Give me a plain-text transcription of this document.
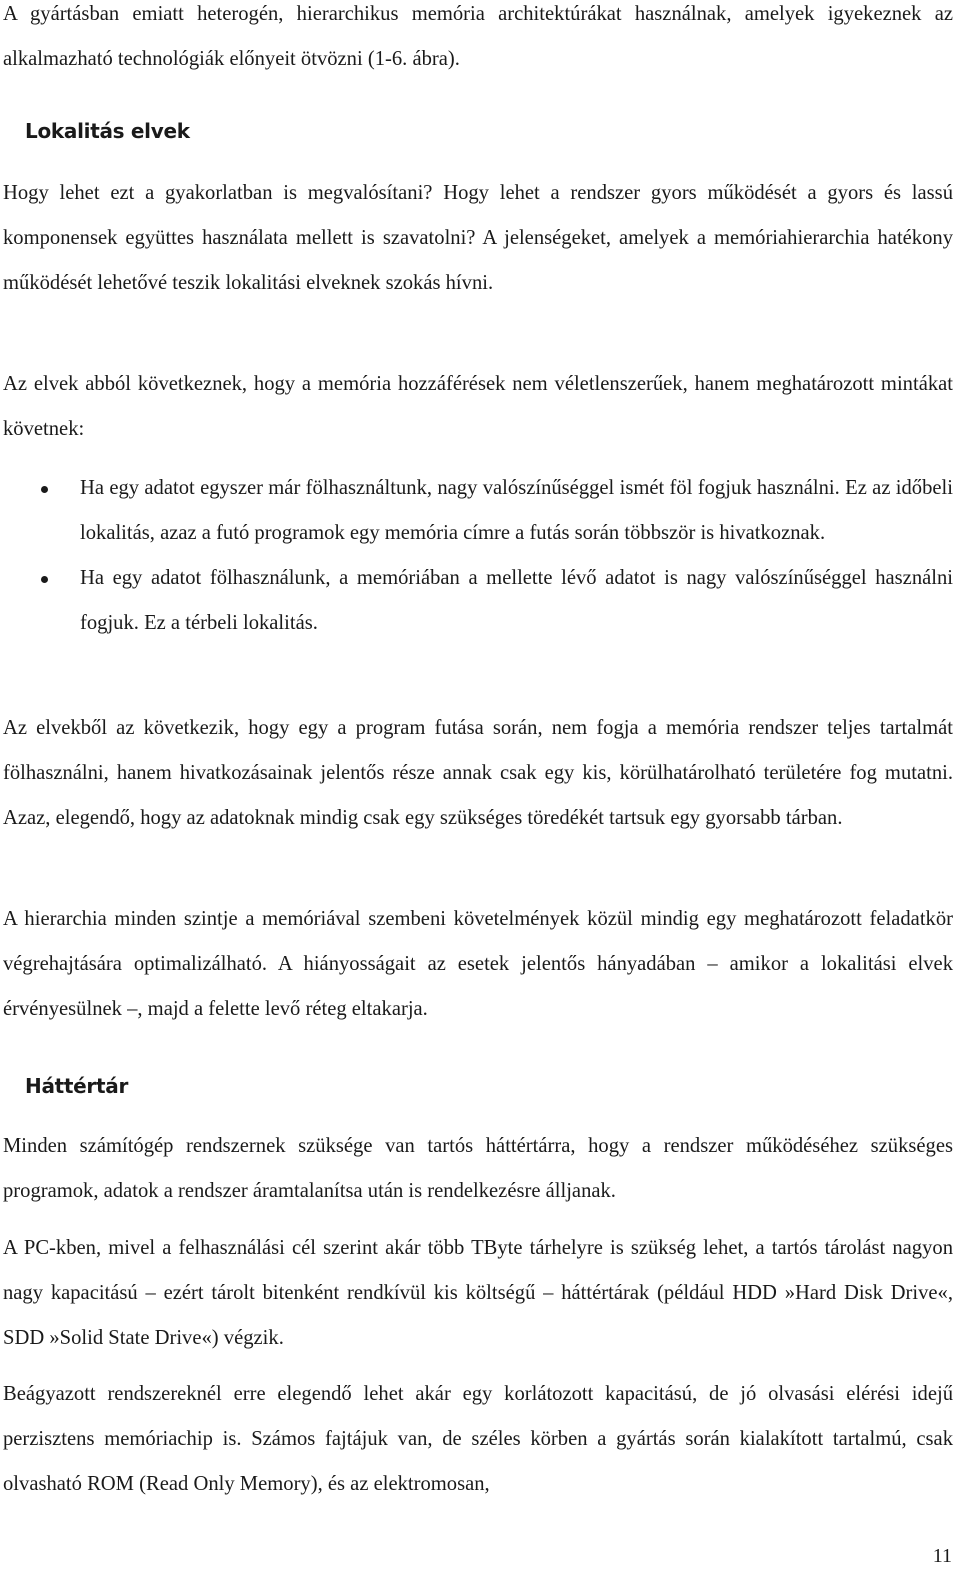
A gyártásban emiatt heterogén, hierarchikus memória architektúrákat használnak, amelyek igyekeznek az alkalmazható technológiák előnyeit ötvözni (1-6. ábra).

Lokalitás elvek

Hogy lehet ezt a gyakorlatban is megvalósítani? Hogy lehet a rendszer gyors működését a gyors és lassú komponensek együttes használata mellett is szavatolni? A jelenségeket, amelyek a memóriahierarchia hatékony működését lehetővé teszik lokalitási elveknek szokás hívni.

Az elvek abból következnek, hogy a memória hozzáférések nem véletlenszerűek, hanem meghatározott mintákat követnek:

Ha egy adatot egyszer már fölhasználtunk, nagy valószínűséggel ismét föl fogjuk használni. Ez az időbeli lokalitás, azaz a futó programok egy memória címre a futás során többször is hivatkoznak.
Ha egy adatot fölhasználunk, a memóriában a mellette lévő adatot is nagy valószínűséggel használni fogjuk. Ez a térbeli lokalitás.

Az elvekből az következik, hogy egy a program futása során, nem fogja a memória rendszer teljes tartalmát fölhasználni, hanem hivatkozásainak jelentős része annak csak egy kis, körülhatárolható területére fog mutatni. Azaz, elegendő, hogy az adatoknak mindig csak egy szükséges töredékét tartsuk egy gyorsabb tárban.

A hierarchia minden szintje a memóriával szembeni követelmények közül mindig egy meghatározott feladatkör végrehajtására optimalizálható. A hiányosságait az esetek jelentős hányadában – amikor a lokalitási elvek érvényesülnek –, majd a felette levő réteg eltakarja.

Háttértár

Minden számítógép rendszernek szüksége van tartós háttértárra, hogy a rendszer működéséhez szükséges programok, adatok a rendszer áramtalanítsa után is rendelkezésre álljanak.

A PC-kben, mivel a felhasználási cél szerint akár több TByte tárhelyre is szükség lehet, a tartós tárolást nagyon nagy kapacitású – ezért tárolt bitenként rendkívül kis költségű – háttértárak (például HDD »Hard Disk Drive«, SDD »Solid State Drive«) végzik.

Beágyazott rendszereknél erre elegendő lehet akár egy korlátozott kapacitású, de jó olvasási elérési idejű perzisztens memóriachip is. Számos fajtájuk van, de széles körben a gyártás során kialakított tartalmú, csak olvasható ROM (Read Only Memory), és az elektromosan,

11
